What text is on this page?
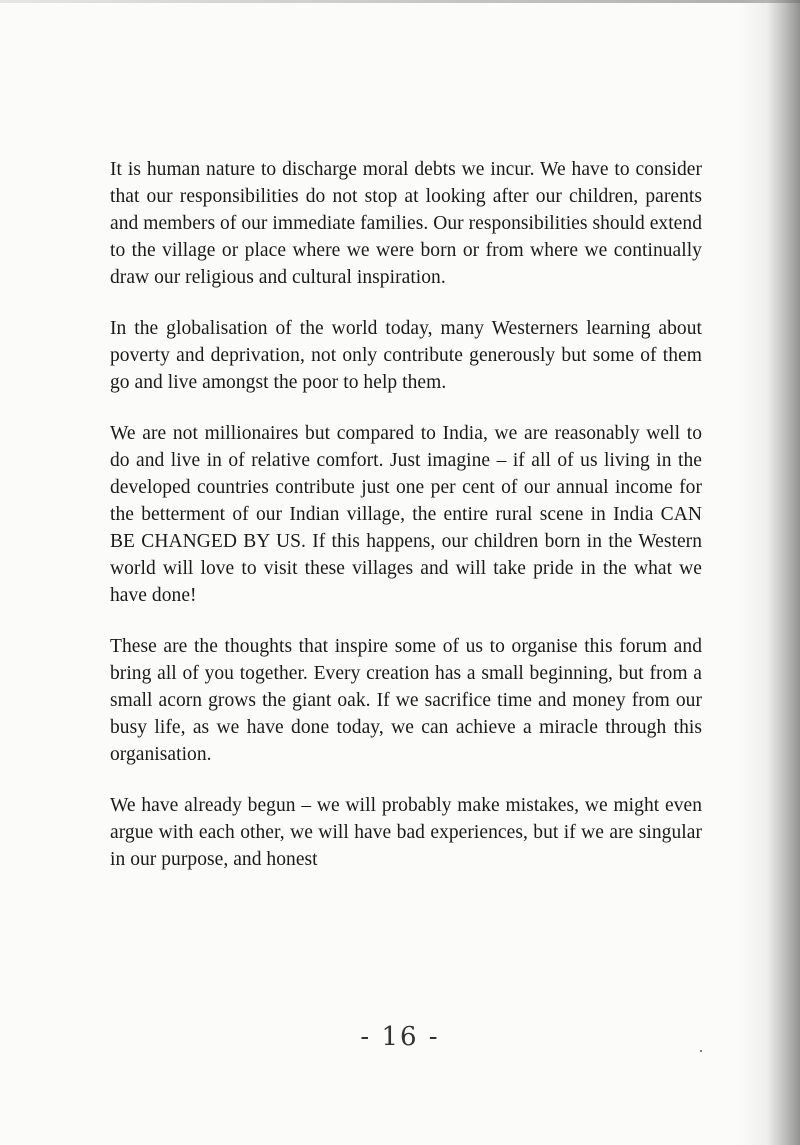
It is human nature to discharge moral debts we incur. We have to consider that our responsibilities do not stop at looking after our children, parents and members of our immediate families. Our responsibilities should extend to the village or place where we were born or from where we continually draw our religious and cultural inspiration.

In the globalisation of the world today, many Westerners learning about poverty and deprivation, not only contribute generously but some of them go and live amongst the poor to help them.

We are not millionaires but compared to India, we are reasonably well to do and live in of relative comfort. Just imagine – if all of us living in the developed countries contribute just one per cent of our annual income for the betterment of our Indian village, the entire rural scene in India CAN BE CHANGED BY US. If this happens, our children born in the Western world will love to visit these villages and will take pride in the what we have done!

These are the thoughts that inspire some of us to organise this forum and bring all of you together. Every creation has a small beginning, but from a small acorn grows the giant oak. If we sacrifice time and money from our busy life, as we have done today, we can achieve a miracle through this organisation.

We have already begun – we will probably make mistakes, we might even argue with each other, we will have bad experiences, but if we are singular in our purpose, and honest

- 16 -
